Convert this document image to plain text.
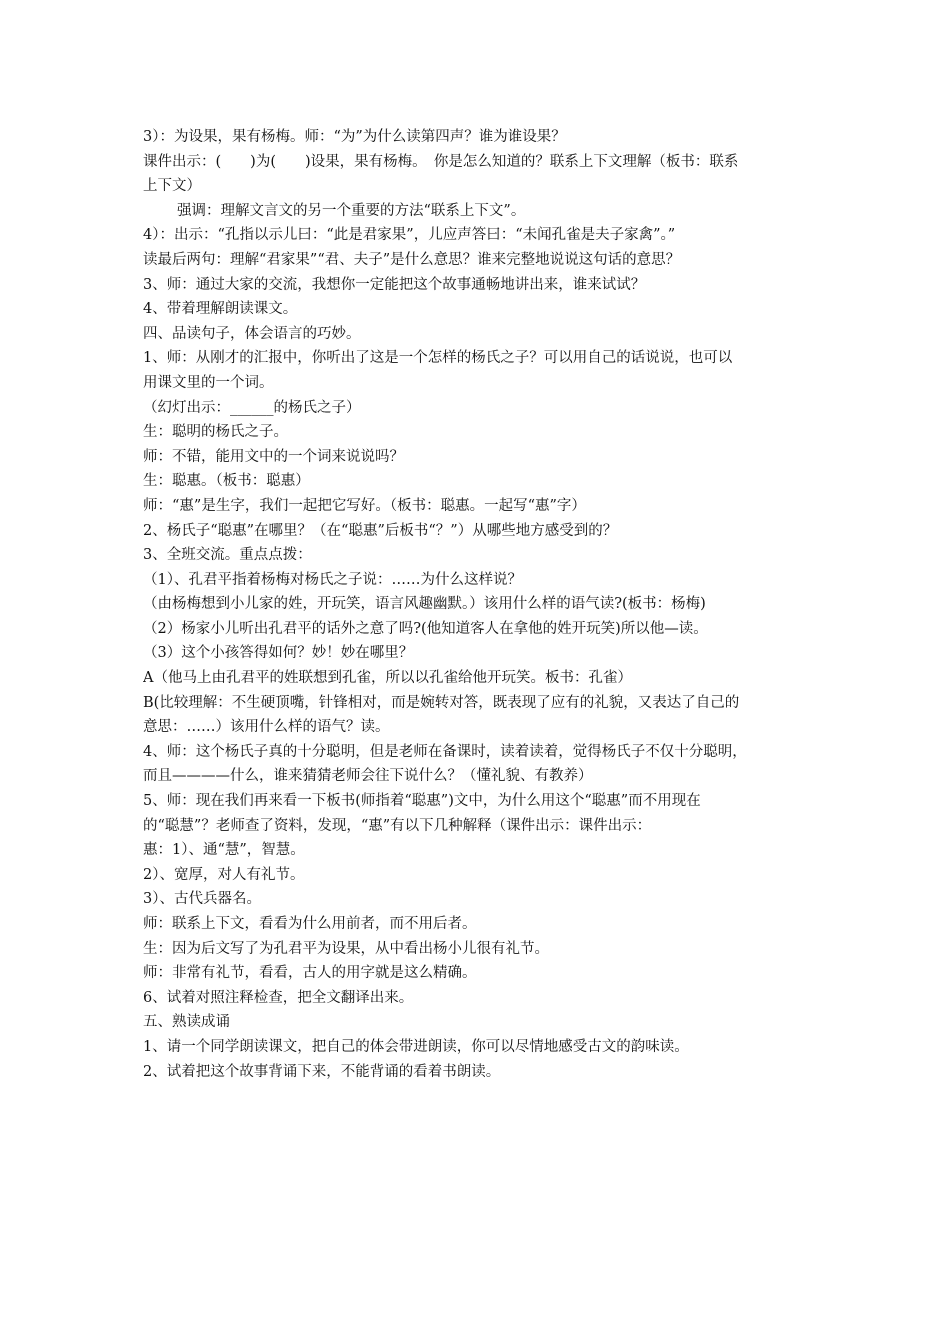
3）：为设果，果有杨梅。师：“为”为什么读第四声？谁为谁设果？
课件出示：(　　)为(　　)设果，果有杨梅。　你是怎么知道的？联系上下文理解（板书：联系
上下文）
强调：理解文言文的另一个重要的方法“联系上下文”。
4）：出示：“孔指以示儿曰：“此是君家果”，儿应声答曰：“未闻孔雀是夫子家禽”。”
读最后两句：理解“君家果”“君、夫子”是什么意思？谁来完整地说说这句话的意思？
3、师：通过大家的交流，我想你一定能把这个故事通畅地讲出来，谁来试试？
4、带着理解朗读课文。
四、品读句子，体会语言的巧妙。
1、师：从刚才的汇报中，你听出了这是一个怎样的杨氏之子？可以用自己的话说说，也可以
用课文里的一个词。
（幻灯出示：______的杨氏之子）
生：聪明的杨氏之子。
师：不错，能用文中的一个词来说说吗？
生：聪惠。（板书：聪惠）
师：“惠”是生字，我们一起把它写好。（板书：聪惠。一起写“惠”字）
2、杨氏子“聪惠”在哪里？（在“聪惠”后板书“？”）从哪些地方感受到的？
3、全班交流。重点点拨：
（1）、孔君平指着杨梅对杨氏之子说：……为什么这样说？
（由杨梅想到小儿家的姓，开玩笑，语言风趣幽默。）该用什么样的语气读?(板书：杨梅)
（2）杨家小儿听出孔君平的话外之意了吗?(他知道客人在拿他的姓开玩笑)所以他—读。
（3）这个小孩答得如何？妙！妙在哪里？
A（他马上由孔君平的姓联想到孔雀，所以以孔雀给他开玩笑。板书：孔雀）
B(比较理解：不生硬顶嘴，针锋相对，而是婉转对答，既表现了应有的礼貌，又表达了自己的
意思：……）该用什么样的语气？读。
4、师：这个杨氏子真的十分聪明，但是老师在备课时，读着读着，觉得杨氏子不仅十分聪明，
而且————什么，谁来猜猜老师会往下说什么？（懂礼貌、有教养）
5、师：现在我们再来看一下板书(师指着“聪惠”)文中，为什么用这个“聪惠”而不用现在
的“聪慧”？老师查了资料，发现，“惠”有以下几种解释（课件出示：课件出示：
惠：1）、通“慧”，智慧。
2）、宽厚，对人有礼节。
3）、古代兵器名。
师：联系上下文，看看为什么用前者，而不用后者。
生：因为后文写了为孔君平为设果，从中看出杨小儿很有礼节。
师：非常有礼节，看看，古人的用字就是这么精确。
6、试着对照注释检查，把全文翻译出来。
五、熟读成诵
1、请一个同学朗读课文，把自己的体会带进朗读，你可以尽情地感受古文的韵味读。
2、试着把这个故事背诵下来，不能背诵的看着书朗读。
